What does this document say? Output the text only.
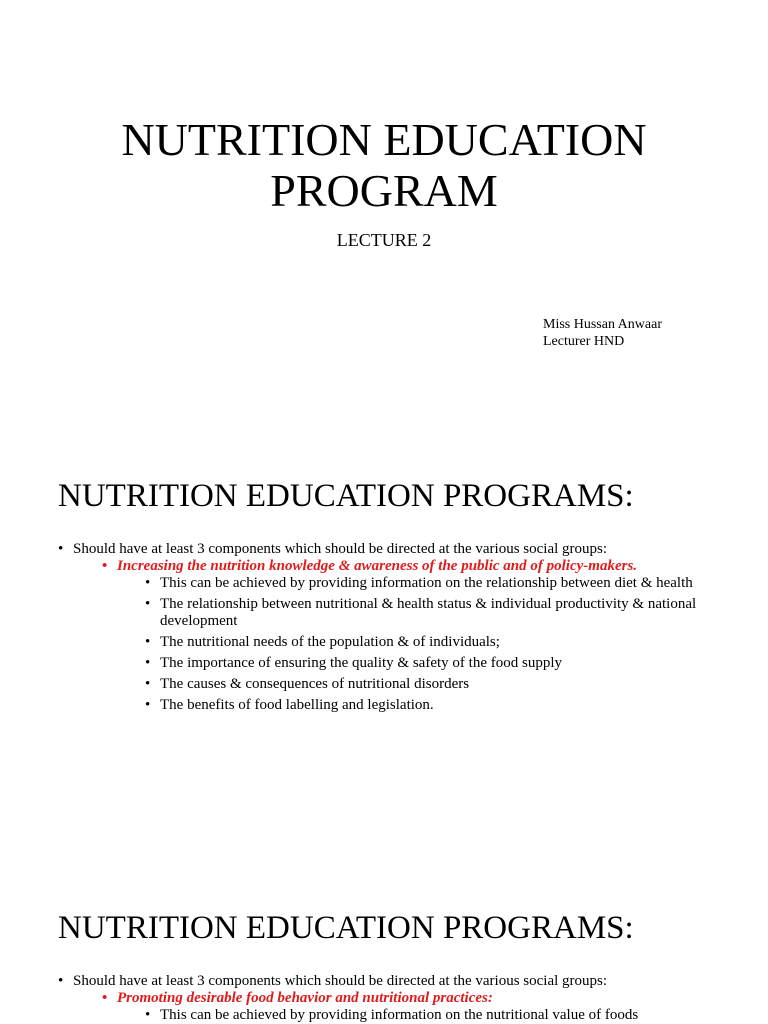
NUTRITION EDUCATION
PROGRAM

LECTURE 2

Miss Hussan Anwaar
Lecturer HND
NUTRITION EDUCATION PROGRAMS:
• Should have at least 3 components which should be directed at the various social groups:
• Increasing the nutrition knowledge & awareness of the public and of policy-makers.
• This can be achieved by providing information on the relationship between diet & health
• The relationship between nutritional & health status & individual productivity & national development
• The nutritional needs of the population & of individuals;
• The importance of ensuring the quality & safety of the food supply
• The causes & consequences of nutritional disorders
• The benefits of food labelling and legislation.
NUTRITION EDUCATION PROGRAMS:
• Should have at least 3 components which should be directed at the various social groups:
• Promoting desirable food behavior and nutritional practices:
• This can be achieved by providing information on the nutritional value of foods
